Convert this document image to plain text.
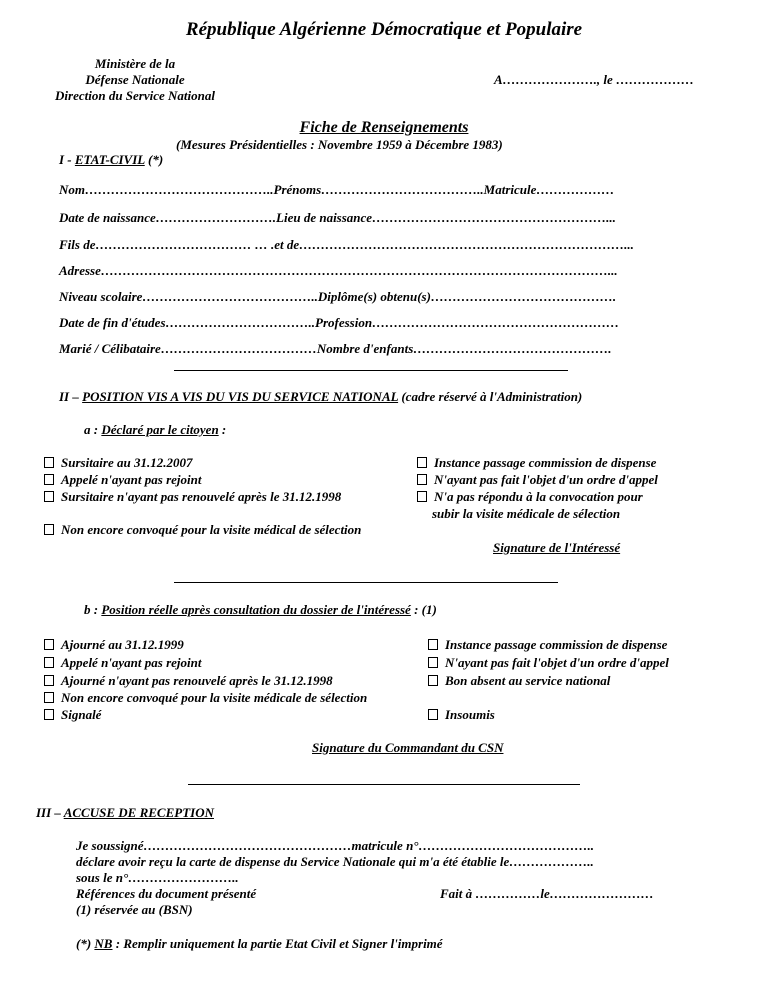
République Algérienne Démocratique et Populaire
Ministère de la
Défense Nationale
Direction du Service National
A…………………., le ………………
Fiche de Renseignements
(Mesures Présidentielles : Novembre 1959 à Décembre 1983)
I - ETAT-CIVIL (*)
Nom……………………………………..Prénoms………………………………..Matricule………………
Date de naissance……………………….Lieu de naissance………………………………………………...
Fils de……………………………… … .et de…………………………………………………………………...
Adresse………………………………………………………………………………………………………...
Niveau scolaire…………………………………..Diplôme(s) obtenu(s)…………………………………….
Date de fin d'études……………………………..Profession…………………………………………………
Marié / Célibataire………………………………Nombre d'enfants……………………………………….
II – POSITION VIS A VIS DU VIS DU SERVICE NATIONAL (cadre réservé à l'Administration)
a : Déclaré par le citoyen :
Sursitaire au 31.12.2007
Appelé n'ayant pas rejoint
Sursitaire n'ayant pas renouvelé après le 31.12.1998
Instance passage commission de dispense
N'ayant pas fait l'objet d'un ordre d'appel
N'a pas répondu à la convocation pour
subir la visite médicale de sélection
Non encore convoqué pour la visite médical de sélection
Signature de l'Intéressé
b : Position réelle après consultation du dossier de l'intéressé : (1)
Ajourné au 31.12.1999
Appelé n'ayant pas rejoint
Ajourné n'ayant pas renouvelé après le 31.12.1998
Non encore convoqué pour la visite médicale de sélection
Signalé
Instance passage commission de dispense
N'ayant pas fait l'objet d'un ordre d'appel
Bon absent au service national
Insoumis
Signature du Commandant du CSN
III – ACCUSE DE RECEPTION
Je soussigné…………………………………………matricule n°…………………………………..
déclare avoir reçu la carte de dispense du Service Nationale qui m'a été établie le………………..
sous le n°……………………..
Références du document présenté	Fait à ……………le……………………
(1) réservée au (BSN)
(*) NB : Remplir uniquement la partie Etat Civil et Signer l'imprimé
